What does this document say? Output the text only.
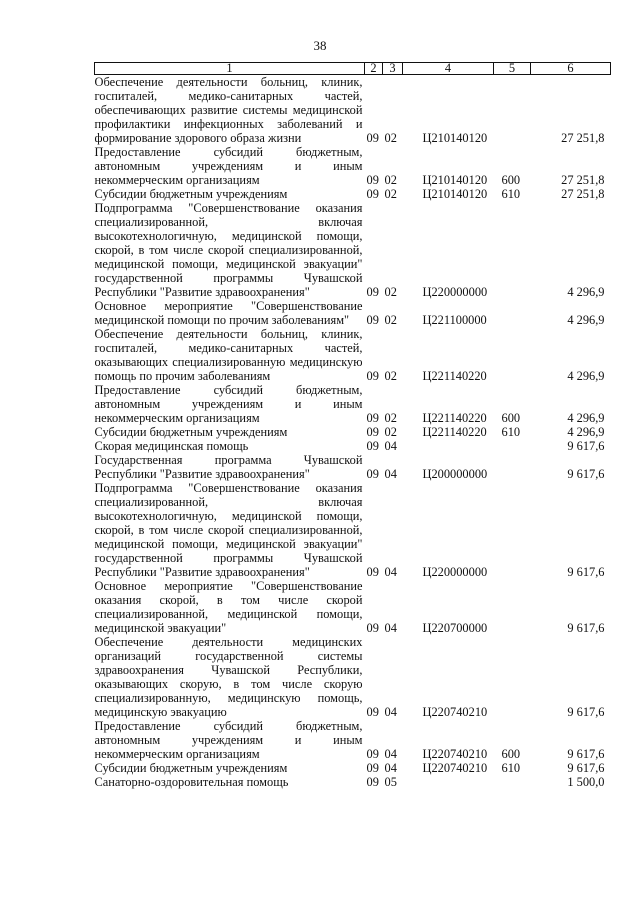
38
1	2	3	4	5	6
Обеспечение деятельности больниц, клиник, госпиталей, медико-санитарных частей, обеспечивающих развитие системы медицинской профилактики инфекционных заболеваний и формирование здорового образа жизни	09	02	Ц210140120		27 251,8
Предоставление субсидий бюджетным, автономным учреждениям и иным некоммерческим организациям	09	02	Ц210140120	600	27 251,8
Субсидии бюджетным учреждениям	09	02	Ц210140120	610	27 251,8
Подпрограмма "Совершенствование оказания специализированной, включая высокотехнологичную, медицинской помощи, скорой, в том числе скорой специализированной, медицинской помощи, медицинской эвакуации" государственной программы Чувашской Республики "Развитие здравоохранения"	09	02	Ц220000000		4 296,9
Основное мероприятие "Совершенствование медицинской помощи по прочим заболеваниям"	09	02	Ц221100000		4 296,9
Обеспечение деятельности больниц, клиник, госпиталей, медико-санитарных частей, оказывающих специализированную медицинскую помощь по прочим заболеваниям	09	02	Ц221140220		4 296,9
Предоставление субсидий бюджетным, автономным учреждениям и иным некоммерческим организациям	09	02	Ц221140220	600	4 296,9
Субсидии бюджетным учреждениям	09	02	Ц221140220	610	4 296,9
Скорая медицинская помощь	09	04			9 617,6
Государственная программа Чувашской Республики "Развитие здравоохранения"	09	04	Ц200000000		9 617,6
Подпрограмма "Совершенствование оказания специализированной, включая высокотехнологичную, медицинской помощи, скорой, в том числе скорой специализированной, медицинской помощи, медицинской эвакуации" государственной программы Чувашской Республики "Развитие здравоохранения"	09	04	Ц220000000		9 617,6
Основное мероприятие "Совершенствование оказания скорой, в том числе скорой специализированной, медицинской помощи, медицинской эвакуации"	09	04	Ц220700000		9 617,6
Обеспечение деятельности медицинских организаций государственной системы здравоохранения Чувашской Республики, оказывающих скорую, в том числе скорую специализированную, медицинскую помощь, медицинскую эвакуацию	09	04	Ц220740210		9 617,6
Предоставление субсидий бюджетным, автономным учреждениям и иным некоммерческим организациям	09	04	Ц220740210	600	9 617,6
Субсидии бюджетным учреждениям	09	04	Ц220740210	610	9 617,6
Санаторно-оздоровительная помощь	09	05			1 500,0
